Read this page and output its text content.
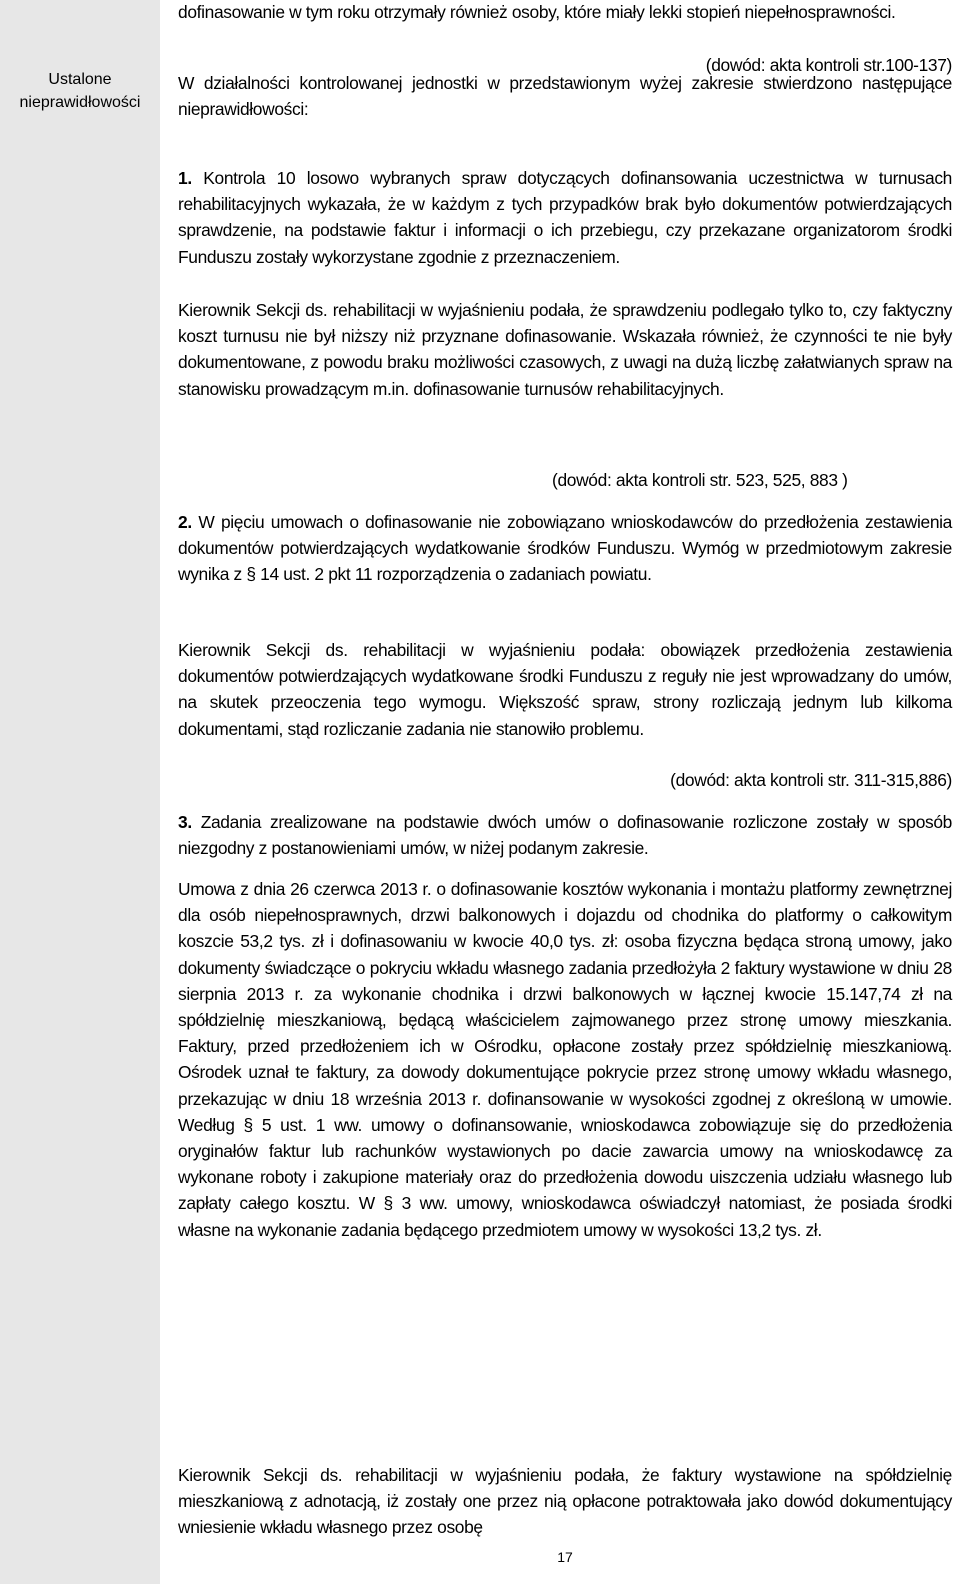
Ustalone
nieprawidłowości

dofinasowanie w tym roku otrzymały również osoby, które miały lekki stopień niepełnosprawności.

(dowód: akta kontroli str.100-137)

W działalności kontrolowanej jednostki w przedstawionym wyżej zakresie stwierdzono następujące nieprawidłowości:

1. Kontrola 10 losowo wybranych spraw dotyczących dofinansowania uczestnictwa w turnusach rehabilitacyjnych wykazała, że w każdym z tych przypadków brak było dokumentów potwierdzających sprawdzenie, na podstawie faktur i informacji o ich przebiegu, czy przekazane organizatorom środki Funduszu zostały wykorzystane zgodnie z przeznaczeniem.

Kierownik Sekcji ds. rehabilitacji w wyjaśnieniu podała, że sprawdzeniu podlegało tylko to, czy faktyczny koszt turnusu nie był niższy niż przyznane dofinasowanie. Wskazała również, że czynności te nie były dokumentowane, z powodu braku możliwości czasowych, z uwagi na dużą liczbę załatwianych spraw na stanowisku prowadzącym m.in. dofinasowanie turnusów rehabilitacyjnych.

(dowód: akta kontroli str. 523, 525, 883 )

2. W pięciu umowach o dofinasowanie nie zobowiązano wnioskodawców do przedłożenia zestawienia dokumentów potwierdzających wydatkowanie środków Funduszu. Wymóg w przedmiotowym zakresie wynika z § 14 ust. 2 pkt 11 rozporządzenia o zadaniach powiatu.

Kierownik Sekcji ds. rehabilitacji w wyjaśnieniu podała: obowiązek przedłożenia zestawienia dokumentów potwierdzających wydatkowane środki Funduszu z reguły nie jest wprowadzany do umów, na skutek przeoczenia tego wymogu. Większość spraw, strony rozliczają jednym lub kilkoma dokumentami, stąd rozliczanie zadania nie stanowiło problemu.

(dowód: akta kontroli str. 311-315,886)

3. Zadania zrealizowane na podstawie dwóch umów o dofinasowanie rozliczone zostały w sposób niezgodny z postanowieniami umów, w niżej podanym zakresie.

Umowa z dnia 26 czerwca 2013 r. o dofinasowanie kosztów wykonania i montażu platformy zewnętrznej dla osób niepełnosprawnych, drzwi balkonowych i dojazdu od chodnika do platformy o całkowitym koszcie 53,2 tys. zł i dofinasowaniu w kwocie 40,0 tys. zł: osoba fizyczna będąca stroną umowy, jako dokumenty świadczące o pokryciu wkładu własnego zadania przedłożyła 2 faktury wystawione w dniu 28 sierpnia 2013 r. za wykonanie chodnika i drzwi balkonowych w łącznej kwocie 15.147,74 zł na spółdzielnię mieszkaniową, będącą właścicielem zajmowanego przez stronę umowy mieszkania. Faktury, przed przedłożeniem ich w Ośrodku, opłacone zostały przez spółdzielnię mieszkaniową. Ośrodek uznał te faktury, za dowody dokumentujące pokrycie przez stronę umowy wkładu własnego, przekazując w dniu 18 września 2013 r. dofinansowanie w wysokości zgodnej z określoną w umowie. Według § 5 ust. 1 ww. umowy o dofinansowanie, wnioskodawca zobowiązuje się do przedłożenia oryginałów faktur lub rachunków wystawionych po dacie zawarcia umowy na wnioskodawcę za wykonane roboty i zakupione materiały oraz do przedłożenia dowodu uiszczenia udziału własnego lub zapłaty całego kosztu. W § 3 ww. umowy, wnioskodawca oświadczył natomiast, że posiada środki własne na wykonanie zadania będącego przedmiotem umowy w wysokości 13,2 tys. zł.

Kierownik Sekcji ds. rehabilitacji w wyjaśnieniu podała, że faktury wystawione na spółdzielnię mieszkaniową z adnotacją, iż zostały one przez nią opłacone potraktowała jako dowód dokumentujący wniesienie wkładu własnego przez osobę

17
